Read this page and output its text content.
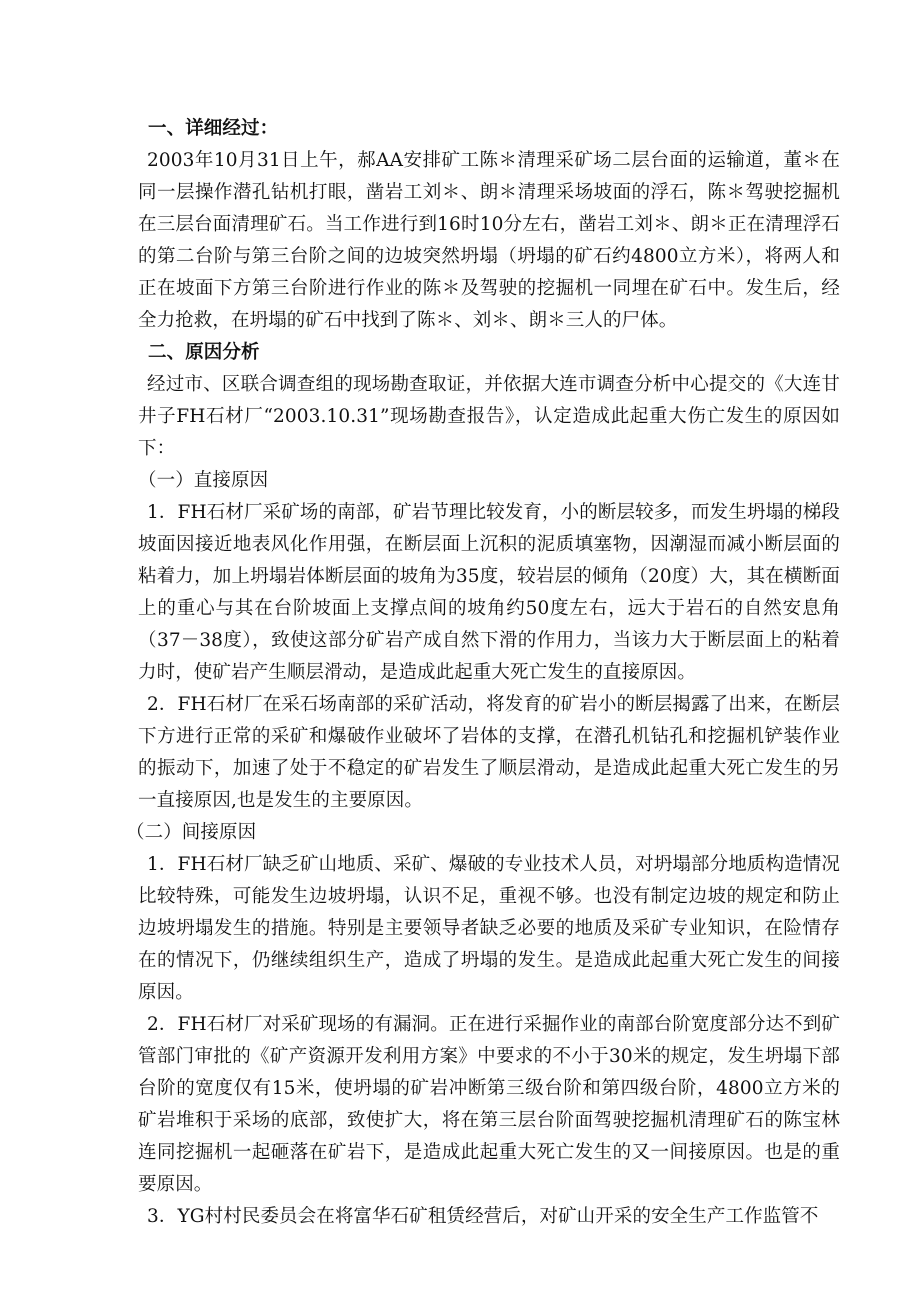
一、详细经过：

2003年10月31日上午，郝AA安排矿工陈＊清理采矿场二层台面的运输道，董＊在同一层操作潜孔钻机打眼，凿岩工刘＊、朗＊清理采场坡面的浮石，陈＊驾驶挖掘机在三层台面清理矿石。当工作进行到16时10分左右，凿岩工刘＊、朗＊正在清理浮石的第二台阶与第三台阶之间的边坡突然坍塌（坍塌的矿石约4800立方米），将两人和正在坡面下方第三台阶进行作业的陈＊及驾驶的挖掘机一同埋在矿石中。发生后，经全力抢救，在坍塌的矿石中找到了陈＊、刘＊、朗＊三人的尸体。

二、原因分析

经过市、区联合调查组的现场勘查取证，并依据大连市调查分析中心提交的《大连甘井子FH石材厂“2003.10.31”现场勘查报告》，认定造成此起重大伤亡发生的原因如下：

（一）直接原因

1．FH石材厂采矿场的南部，矿岩节理比较发育，小的断层较多，而发生坍塌的梯段坡面因接近地表风化作用强，在断层面上沉积的泥质填塞物，因潮湿而减小断层面的粘着力，加上坍塌岩体断层面的坡角为35度，较岩层的倾角（20度）大，其在横断面上的重心与其在台阶坡面上支撑点间的坡角约50度左右，远大于岩石的自然安息角（37－38度），致使这部分矿岩产成自然下滑的作用力，当该力大于断层面上的粘着力时，使矿岩产生顺层滑动，是造成此起重大死亡发生的直接原因。

2．FH石材厂在采石场南部的采矿活动，将发育的矿岩小的断层揭露了出来，在断层下方进行正常的采矿和爆破作业破坏了岩体的支撑，在潜孔机钻孔和挖掘机铲装作业的振动下，加速了处于不稳定的矿岩发生了顺层滑动，是造成此起重大死亡发生的另一直接原因,也是发生的主要原因。

（二）间接原因

1．FH石材厂缺乏矿山地质、采矿、爆破的专业技术人员，对坍塌部分地质构造情况比较特殊，可能发生边坡坍塌，认识不足，重视不够。也没有制定边坡的规定和防止边坡坍塌发生的措施。特别是主要领导者缺乏必要的地质及采矿专业知识，在险情存在的情况下，仍继续组织生产，造成了坍塌的发生。是造成此起重大死亡发生的间接原因。

2．FH石材厂对采矿现场的有漏洞。正在进行采掘作业的南部台阶宽度部分达不到矿管部门审批的《矿产资源开发利用方案》中要求的不小于30米的规定，发生坍塌下部台阶的宽度仅有15米，使坍塌的矿岩冲断第三级台阶和第四级台阶，4800立方米的矿岩堆积于采场的底部，致使扩大，将在第三层台阶面驾驶挖掘机清理矿石的陈宝林连同挖掘机一起砸落在矿岩下，是造成此起重大死亡发生的又一间接原因。也是的重要原因。

3．YG村村民委员会在将富华石矿租赁经营后，对矿山开采的安全生产工作监管不
